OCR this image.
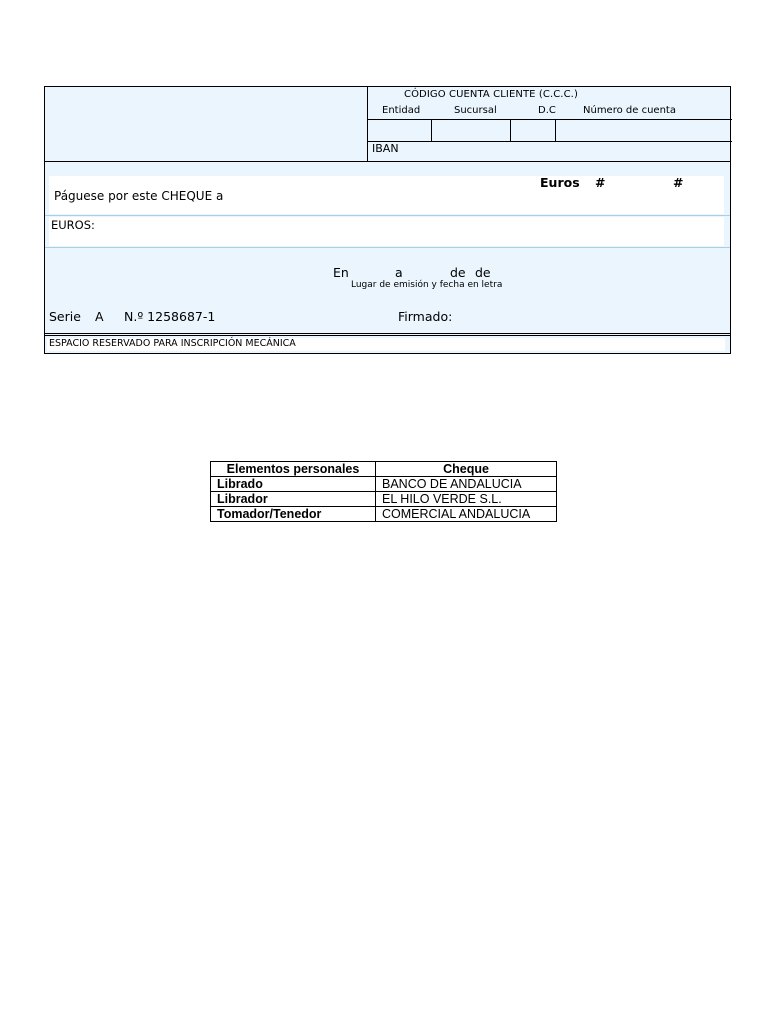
CÓDIGO CUENTA CLIENTE (C.C.C.)
Entidad	Sucursal	D.C	Número de cuenta
IBAN
Euros #	#
Páguese por este CHEQUE a
EUROS:
En	a	de de
Lugar de emisión y fecha en letra
Serie A N.º 1258687-1	Firmado:
ESPACIO RESERVADO PARA INSCRIPCIÓN MECÁNICA
Elementos personales	Cheque
Librado	BANCO DE ANDALUCIA
Librador	EL HILO VERDE S.L.
Tomador/Tenedor	COMERCIAL ANDALUCIA
